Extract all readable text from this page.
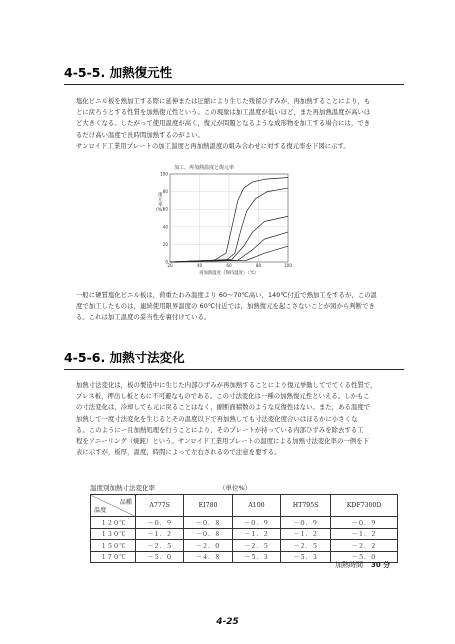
4-5-5. 加熱復元性

塩化ビニル板を熱加工する際に延伸または圧縮により生じた残留ひずみが，再加熱することにより，も

とに戻ろうとする性質を加熱復元性という。この現象は加工温度が低いほど，また再加熱温度が高いほ

ど大きくなる。したがって使用温度が高く，復元が問題となるような成形物を加工する場合には，でき

るだけ高い温度で長時間加熱するのがよい。

サンロイド工業用プレートの加工温度と再加熱温度の組み合わせに対する復元率を下図に示す。

加工、再加熱温度と復元率
20	40	60	80	100
100
80
60
40
20
0
復元率(%)
再加熱温度（保持温度）（℃）

一般に硬質塩化ビニル板は，荷重たわみ温度より 60～70℃高い，140℃付近で熱加工をするが，この温

度で加工したものは，連続使用限界温度の 60℃付近では，加熱復元を起こさないことが図から判断でき

る。これは加工温度の妥当性を裏付けている。

4-5-6. 加熱寸法変化

加熱寸法変化は，板の製造中に生じた内部ひずみが再加熱することにより復元挙動してでてくる性質で，

プレス板，押出し板ともに不可避なものである。この寸法変化は一種の加熱復元性といえる。しかもこ

の寸法変化は，冷却しても元に戻ることはなく，縮断面積数のような反復性はない。また，ある温度で

加熱して一度寸法変化を生じるとその温度以下で再加熱しても寸法変化度合いはほるかに小さくな

る。このようにー且加熱処理を行うことにより，そのプレートが持っている内部ひずみを除去する工

程をアニーリング（焼鈍）という。サンロイド工業用プレートの温度による加熱寸法変化率の一例を下

表に示すが，板厚，温度，時間によって左右されるので注意を要する。

温度別加熱寸法変化率	（単位%）
品種
温度	A777S	EI780	A100	HT795S	KDF7300D
１２０℃	－０．９	－０．８	－０．９	－０．９	－０．９
１３０℃	－１．２	－０．８	－１．２	－１．２	－１．２
１５０℃	－２．５	－２．０	－２．５	－２．５	－２．２
１７０℃	－５．０	－４．８	－５．３	－５．３	－５．０
加熱時間 30 分
4-25
